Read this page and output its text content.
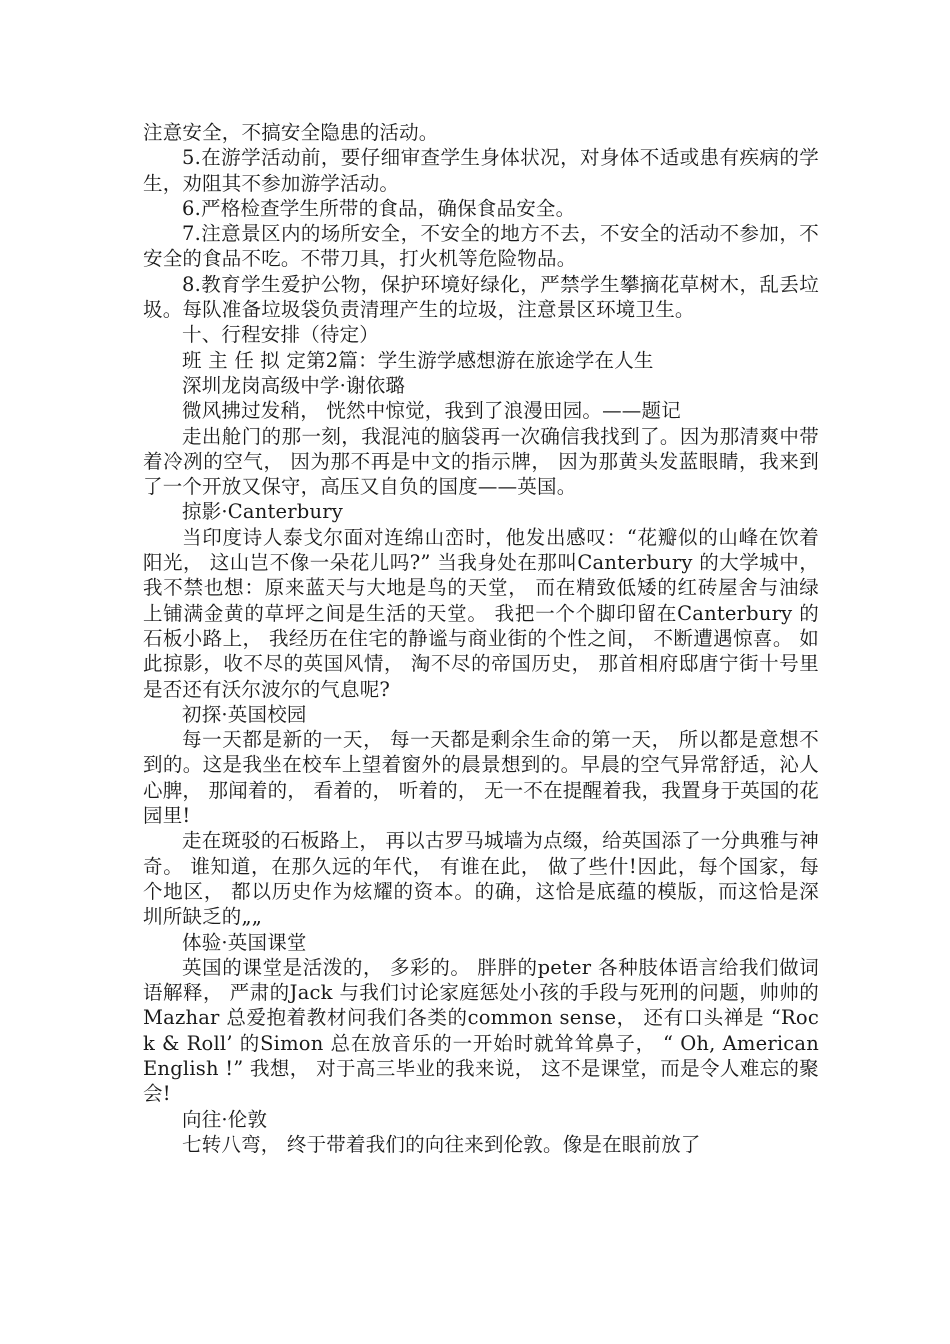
注意安全，不搞安全隐患的活动。

5.在游学活动前，要仔细审查学生身体状况，对身体不适或患有疾病的学生，劝阻其不参加游学活动。

6.严格检查学生所带的食品，确保食品安全。

7.注意景区内的场所安全，不安全的地方不去，不安全的活动不参加，不安全的食品不吃。不带刀具，打火机等危险物品。

8.教育学生爱护公物，保护环境好绿化，严禁学生攀摘花草树木，乱丢垃圾。每队准备垃圾袋负责清理产生的垃圾，注意景区环境卫生。

十、行程安排（待定）

班 主 任 拟 定第2篇：学生游学感想游在旅途学在人生

深圳龙岗高级中学·谢依璐

微风拂过发稍， 恍然中惊觉，我到了浪漫田园。——题记

走出舱门的那一刻，我混沌的脑袋再一次确信我找到了。因为那清爽中带着冷冽的空气， 因为那不再是中文的指示牌， 因为那黄头发蓝眼睛，我来到了一个开放又保守，高压又自负的国度——英国。

掠影·Canterbury

当印度诗人泰戈尔面对连绵山峦时，他发出感叹：“花瓣似的山峰在饮着阳光， 这山岂不像一朵花儿吗?” 当我身处在那叫Canterbury 的大学城中， 我不禁也想：原来蓝天与大地是鸟的天堂， 而在精致低矮的红砖屋舍与油绿上铺满金黄的草坪之间是生活的天堂。 我把一个个脚印留在Canterbury 的石板小路上， 我经历在住宅的静谧与商业街的个性之间， 不断遭遇惊喜。 如此掠影，收不尽的英国风情， 淘不尽的帝国历史， 那首相府邸唐宁街十号里是否还有沃尔波尔的气息呢?

初探·英国校园

每一天都是新的一天， 每一天都是剩余生命的第一天， 所以都是意想不到的。这是我坐在校车上望着窗外的晨景想到的。早晨的空气异常舒适，沁人心脾， 那闻着的， 看着的， 听着的， 无一不在提醒着我，我置身于英国的花园里!

走在斑驳的石板路上， 再以古罗马城墙为点缀，给英国添了一分典雅与神奇。 谁知道，在那久远的年代， 有谁在此， 做了些什!因此，每个国家，每个地区， 都以历史作为炫耀的资本。的确，这恰是底蕴的模版，而这恰是深圳所缺乏的„„

体验·英国课堂

英国的课堂是活泼的， 多彩的。 胖胖的peter 各种肢体语言给我们做词语解释， 严肃的Jack 与我们讨论家庭惩处小孩的手段与死刑的问题，帅帅的Mazhar 总爱抱着教材问我们各类的common sense， 还有口头禅是 “Rock & Roll’ 的Simon 总在放音乐的一开始时就耸耸鼻子， “ Oh, American English !” 我想， 对于高三毕业的我来说， 这不是课堂，而是令人难忘的聚会!

向往·伦敦

七转八弯， 终于带着我们的向往来到伦敦。像是在眼前放了
